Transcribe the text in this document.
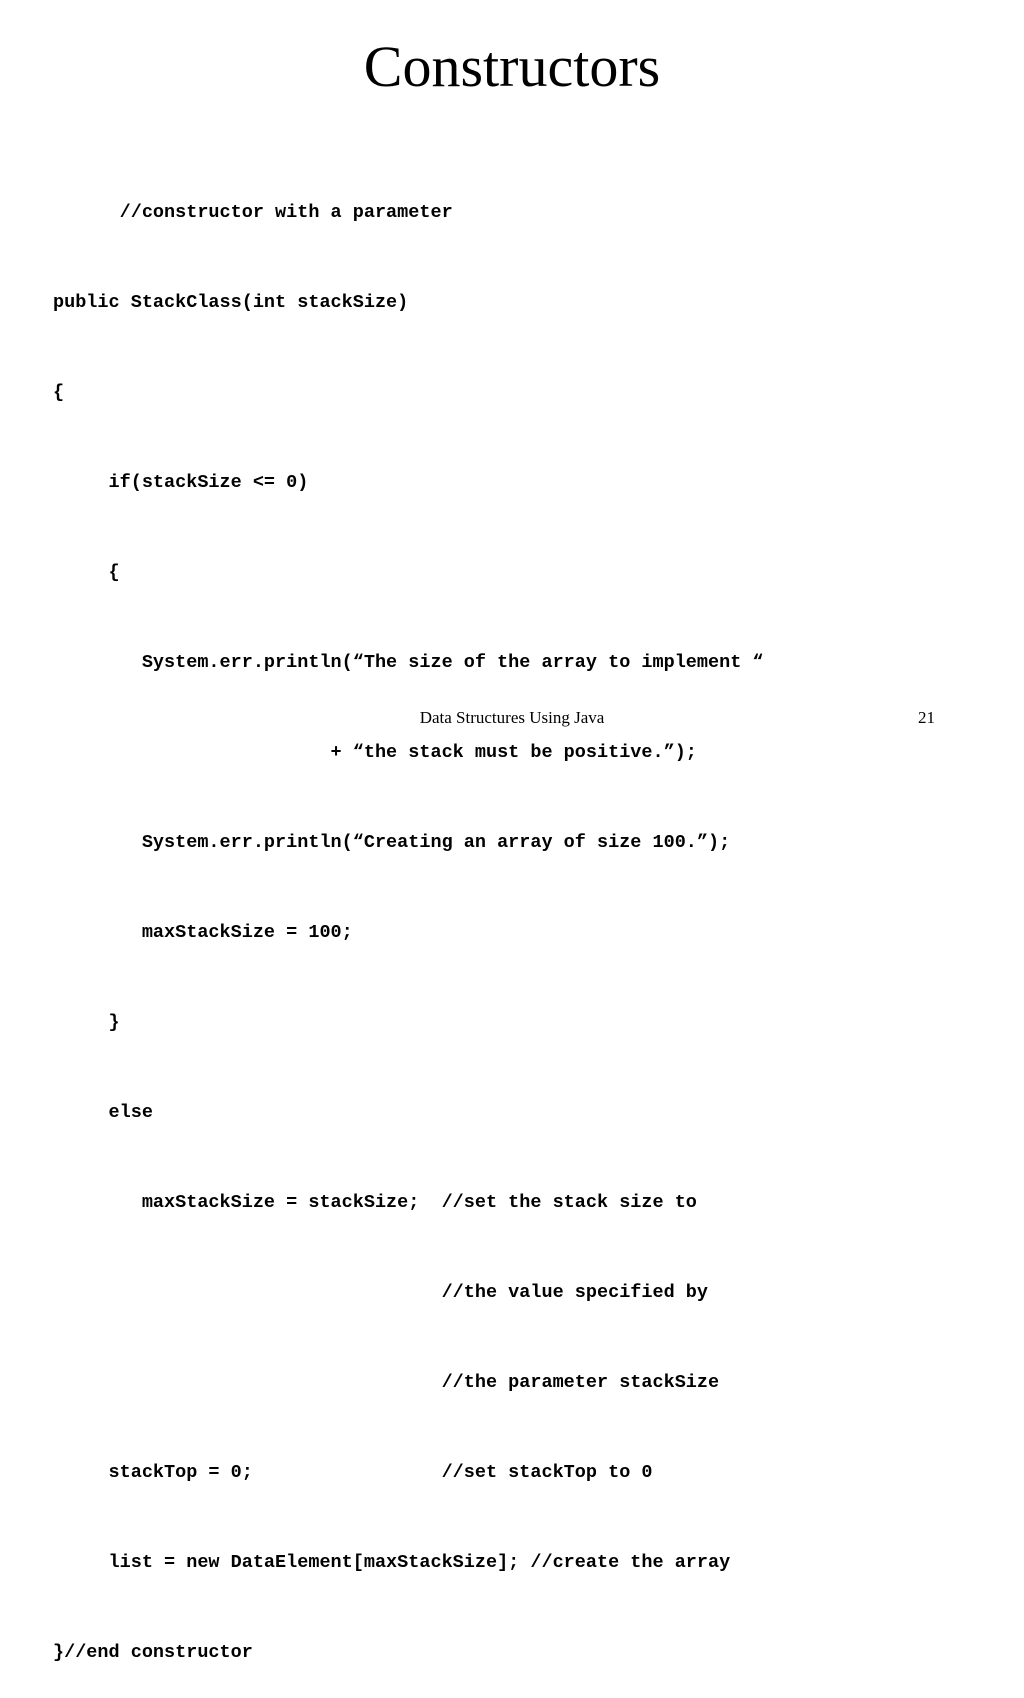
Constructors

//constructor with a parameter

public StackClass(int stackSize)

{

if(stackSize <= 0)

{

System.err.println(“The size of the array to implement “

+ “the stack must be positive.”);

System.err.println(“Creating an array of size 100.”);

maxStackSize = 100;

}

else

maxStackSize = stackSize;  //set the stack size to

//the value specified by

//the parameter stackSize

stackTop = 0;                 //set stackTop to 0

list = new DataElement[maxStackSize]; //create the array

}//end constructor

Data Structures Using Java	21
